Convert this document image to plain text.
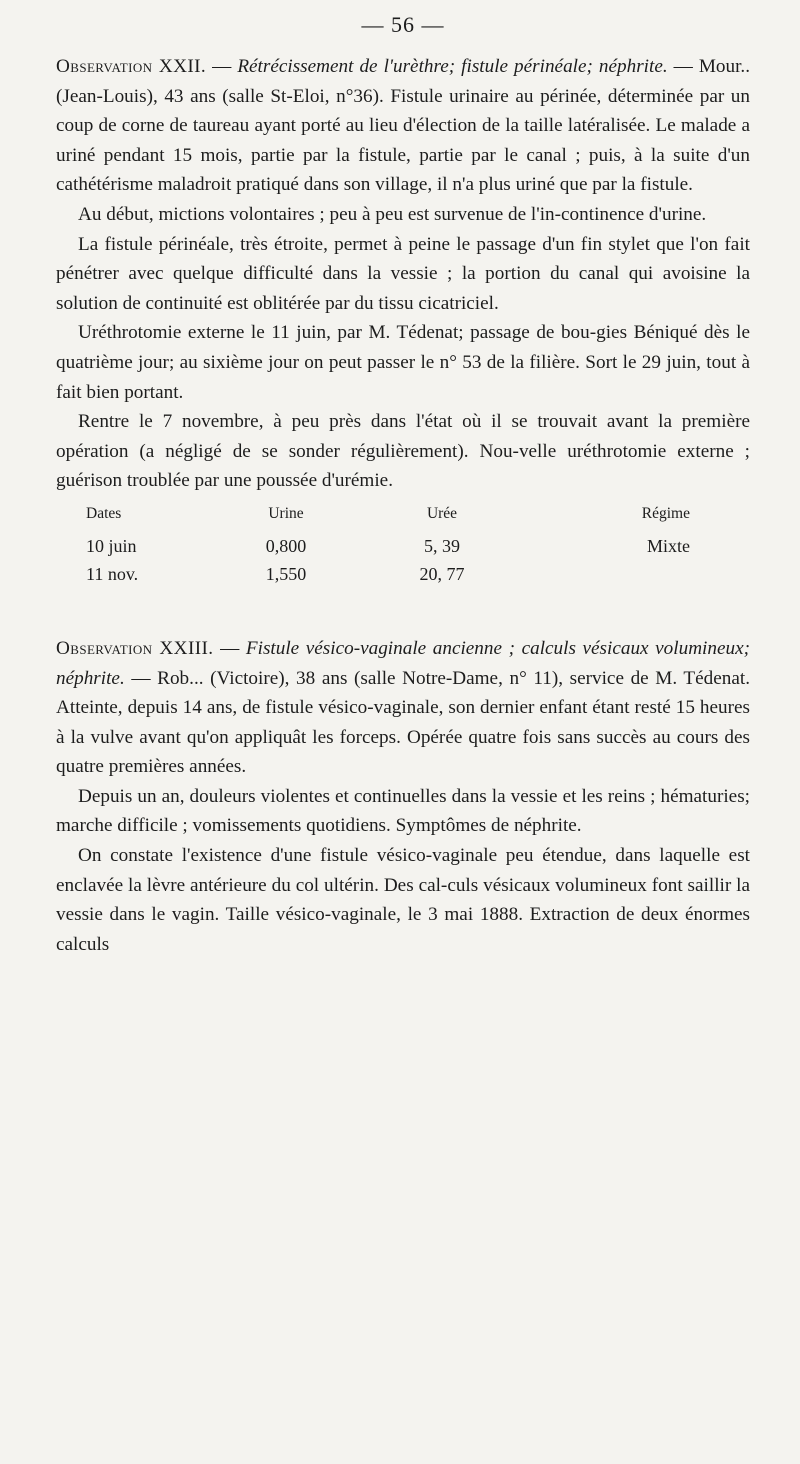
— 56 —

Observation XXII. — Rétrécissement de l'urèthre; fistule périnéale; néphrite. — Mour.. (Jean-Louis), 43 ans (salle St-Eloi, n°36). Fistule urinaire au périnée, déterminée par un coup de corne de taureau ayant porté au lieu d'élection de la taille latéralisée. Le malade a uriné pendant 15 mois, partie par la fistule, partie par le canal ; puis, à la suite d'un cathétérisme maladroit pratiqué dans son village, il n'a plus uriné que par la fistule.

Au début, mictions volontaires ; peu à peu est survenue de l'in-continence d'urine.

La fistule périnéale, très étroite, permet à peine le passage d'un fin stylet que l'on fait pénétrer avec quelque difficulté dans la vessie ; la portion du canal qui avoisine la solution de continuité est oblitérée par du tissu cicatriciel.

Uréthrotomie externe le 11 juin, par M. Tédenat; passage de bou-gies Béniqué dès le quatrième jour; au sixième jour on peut passer le n° 53 de la filière. Sort le 29 juin, tout à fait bien portant.

Rentre le 7 novembre, à peu près dans l'état où il se trouvait avant la première opération (a négligé de se sonder régulièrement). Nou-velle uréthrotomie externe ; guérison troublée par une poussée d'urémie.

Dates	Urine	Urée	Régime
10 juin	0,800	5, 39	Mixte
11 nov.	1,550	20, 77	

Observation XXIII. — Fistule vésico-vaginale ancienne ; calculs vésicaux volumineux; néphrite. — Rob... (Victoire), 38 ans (salle Notre-Dame, n° 11), service de M. Tédenat. Atteinte, depuis 14 ans, de fistule vésico-vaginale, son dernier enfant étant resté 15 heures à la vulve avant qu'on appliquât les forceps. Opérée quatre fois sans succès au cours des quatre premières années.

Depuis un an, douleurs violentes et continuelles dans la vessie et les reins ; hématuries; marche difficile ; vomissements quotidiens. Symptômes de néphrite.

On constate l'existence d'une fistule vésico-vaginale peu étendue, dans laquelle est enclavée la lèvre antérieure du col ultérin. Des cal-culs vésicaux volumineux font saillir la vessie dans le vagin. Taille vésico-vaginale, le 3 mai 1888. Extraction de deux énormes calculs
